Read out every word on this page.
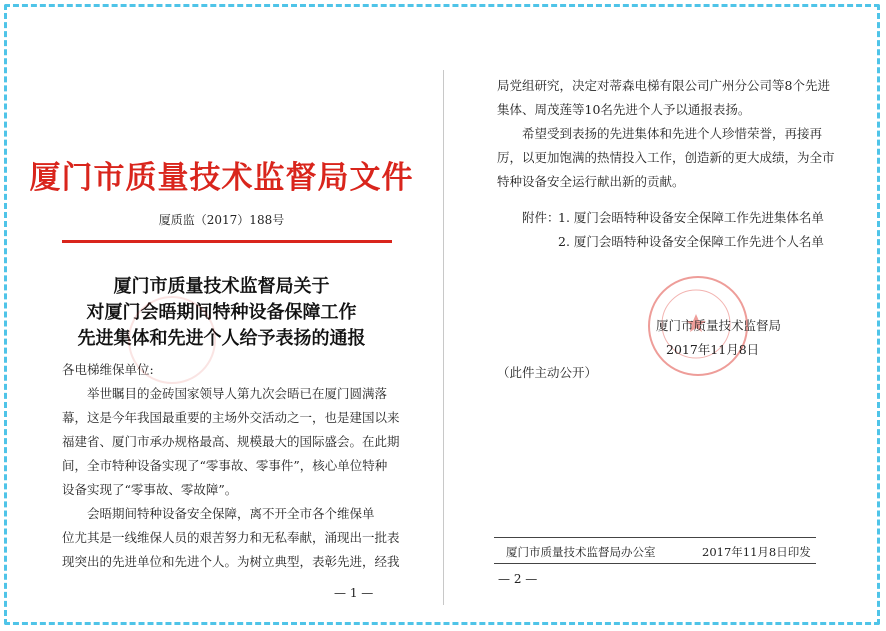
厦门市质量技术监督局文件
厦质监（2017）188号
厦门市质量技术监督局关于
对厦门会晤期间特种设备保障工作
先进集体和先进个人给予表扬的通报
各电梯维保单位:
举世瞩目的金砖国家领导人第九次会晤已在厦门圆满落
幕，这是今年我国最重要的主场外交活动之一，也是建国以来
福建省、厦门市承办规格最高、规模最大的国际盛会。在此期
间，全市特种设备实现了“零事故、零事件”，核心单位特种
设备实现了“零事故、零故障”。
会晤期间特种设备安全保障，离不开全市各个维保单
位尤其是一线维保人员的艰苦努力和无私奉献，涌现出一批表
现突出的先进单位和先进个人。为树立典型，表彰先进，经我
— 1 —
局党组研究，决定对蒂森电梯有限公司广州分公司等8个先进
集体、周茂莲等10名先进个人予以通报表扬。
希望受到表扬的先进集体和先进个人珍惜荣誉，再接再
厉，以更加饱满的热情投入工作，创造新的更大成绩，为全市
特种设备安全运行献出新的贡献。
附件：
1. 厦门会晤特种设备安全保障工作先进集体名单
2. 厦门会晤特种设备安全保障工作先进个人名单
厦门市质量技术监督局
2017年11月8日
（此件主动公开）
厦门市质量技术监督局办公室	2017年11月8日印发
— 2 —
